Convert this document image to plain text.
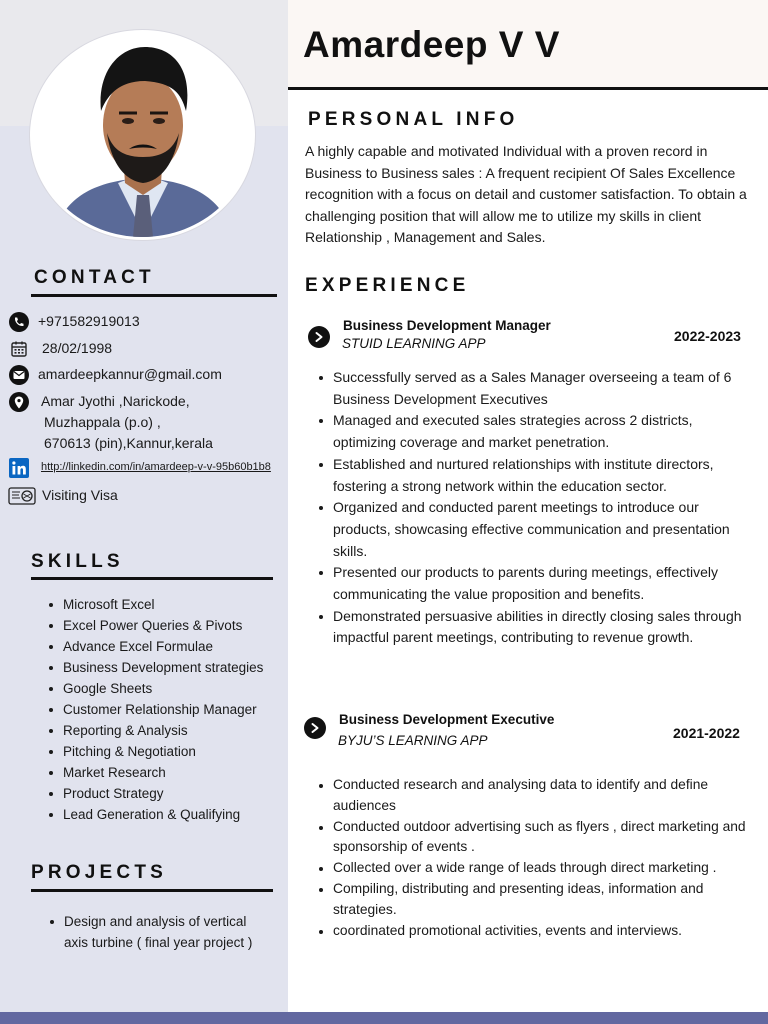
Amardeep V V
CONTACT
+971582919013
28/02/1998
amardeepkannur@gmail.com
Amar Jyothi ,Narickode,
Muzhappala (p.o) ,
670613 (pin),Kannur,kerala
http://linkedin.com/in/amardeep-v-v-95b60b1b8
Visiting Visa
SKILLS
Microsoft Excel
Excel Power Queries & Pivots
Advance Excel Formulae
Business Development strategies
Google Sheets
Customer Relationship Manager
Reporting & Analysis
Pitching & Negotiation
Market Research
Product Strategy
Lead Generation & Qualifying
PROJECTS
Design and analysis of vertical
axis turbine ( final year project )
PERSONAL INFO
A highly capable and motivated Individual with a proven record in Business to Business sales : A frequent recipient Of Sales Excellence recognition with a focus on detail and customer satisfaction. To obtain a challenging position that will allow me to utilize my skills in client Relationship , Management and Sales.
EXPERIENCE
Business Development Manager
STUID LEARNING APP	2022-2023
Successfully served as a Sales Manager overseeing a team of 6 Business Development Executives
Managed and executed sales strategies across 2 districts, optimizing coverage and market penetration.
Established and nurtured relationships with institute directors, fostering a strong network within the education sector.
Organized and conducted parent meetings to introduce our products, showcasing effective communication and presentation skills.
Presented our products to parents during meetings, effectively communicating the value proposition and benefits.
Demonstrated persuasive abilities in directly closing sales through impactful parent meetings, contributing to revenue growth.
Business Development Executive
BYJU’S LEARNING APP	2021-2022
Conducted research and analysing data to identify and define audiences
Conducted outdoor advertising such as flyers , direct marketing and sponsorship of events .
Collected over a wide range of leads through direct marketing .
Compiling, distributing and presenting ideas, information and strategies.
coordinated promotional activities, events and interviews.
